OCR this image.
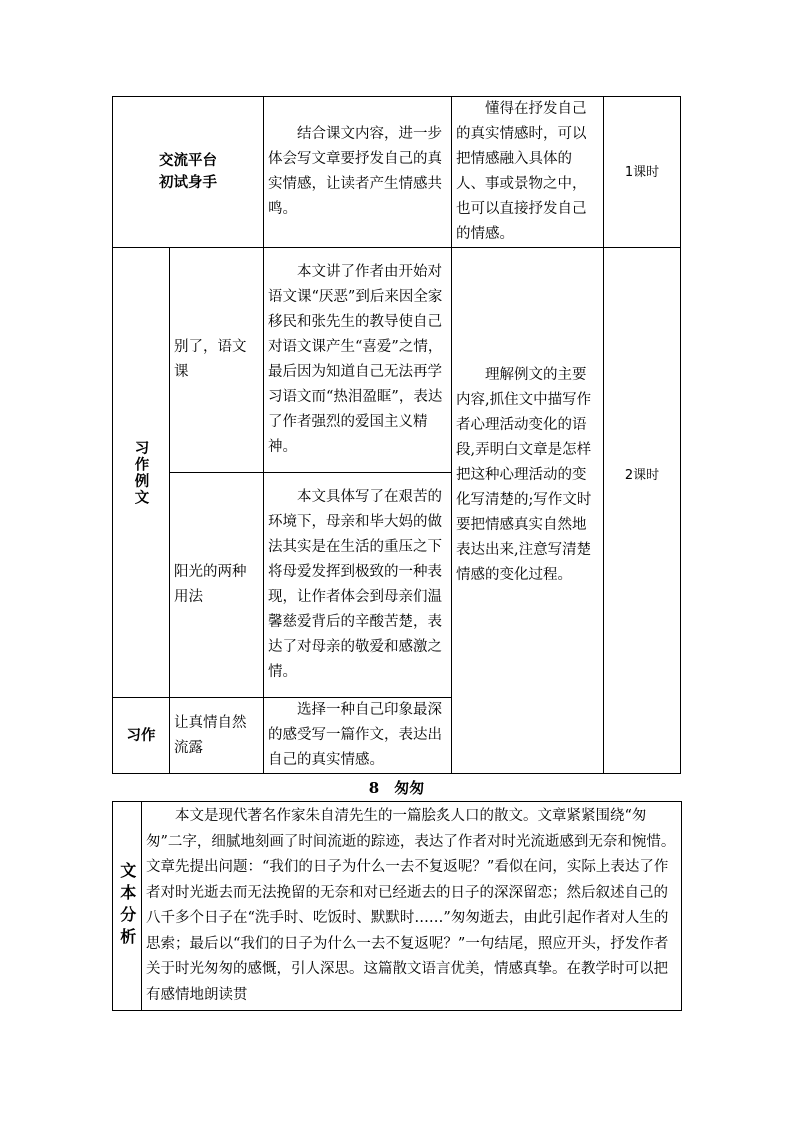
交流平台
初试身手		结合课文内容，进一步体会写文章要抒发自己的真实情感，让读者产生情感共鸣。	懂得在抒发自己的真实情感时，可以把情感融入具体的人、事或景物之中，也可以直接抒发自己的情感。	1课时

习作例文	别了，语文课	本文讲了作者由开始对语文课“厌恶”到后来因全家移民和张先生的教导使自己对语文课产生“喜爱”之情，最后因为知道自己无法再学习语文而“热泪盈眶”，表达了作者强烈的爱国主义精神。	理解例文的主要内容,抓住文中描写作者心理活动变化的语段,弄明白文章是怎样把这种心理活动的变化写清楚的;写作文时要把情感真实自然地表达出来,注意写清楚情感的变化过程。	2课时
	阳光的两种用法	本文具体写了在艰苦的环境下，母亲和毕大妈的做法其实是在生活的重压之下将母爱发挥到极致的一种表现，让作者体会到母亲们温馨慈爱背后的辛酸苦楚，表达了对母亲的敬爱和感激之情。		
习作	让真情自然流露	选择一种自己印象最深的感受写一篇作文，表达出自己的真实情感。		
8　匆匆
文本分析
	本文是现代著名作家朱自清先生的一篇脍炙人口的散文。文章紧紧围绕“匆匆”二字，细腻地刻画了时间流逝的踪迹，表达了作者对时光流逝感到无奈和惋惜。文章先提出问题：“我们的日子为什么一去不复返呢？”看似在问，实际上表达了作者对时光逝去而无法挽留的无奈和对已经逝去的日子的深深留恋；然后叙述自己的八千多个日子在“洗手时、吃饭时、默默时……”匆匆逝去，由此引起作者对人生的思索；最后以“我们的日子为什么一去不复返呢？”一句结尾，照应开头，抒发作者关于时光匆匆的感慨，引人深思。这篇散文语言优美，情感真挚。在教学时可以把有感情地朗读贯
